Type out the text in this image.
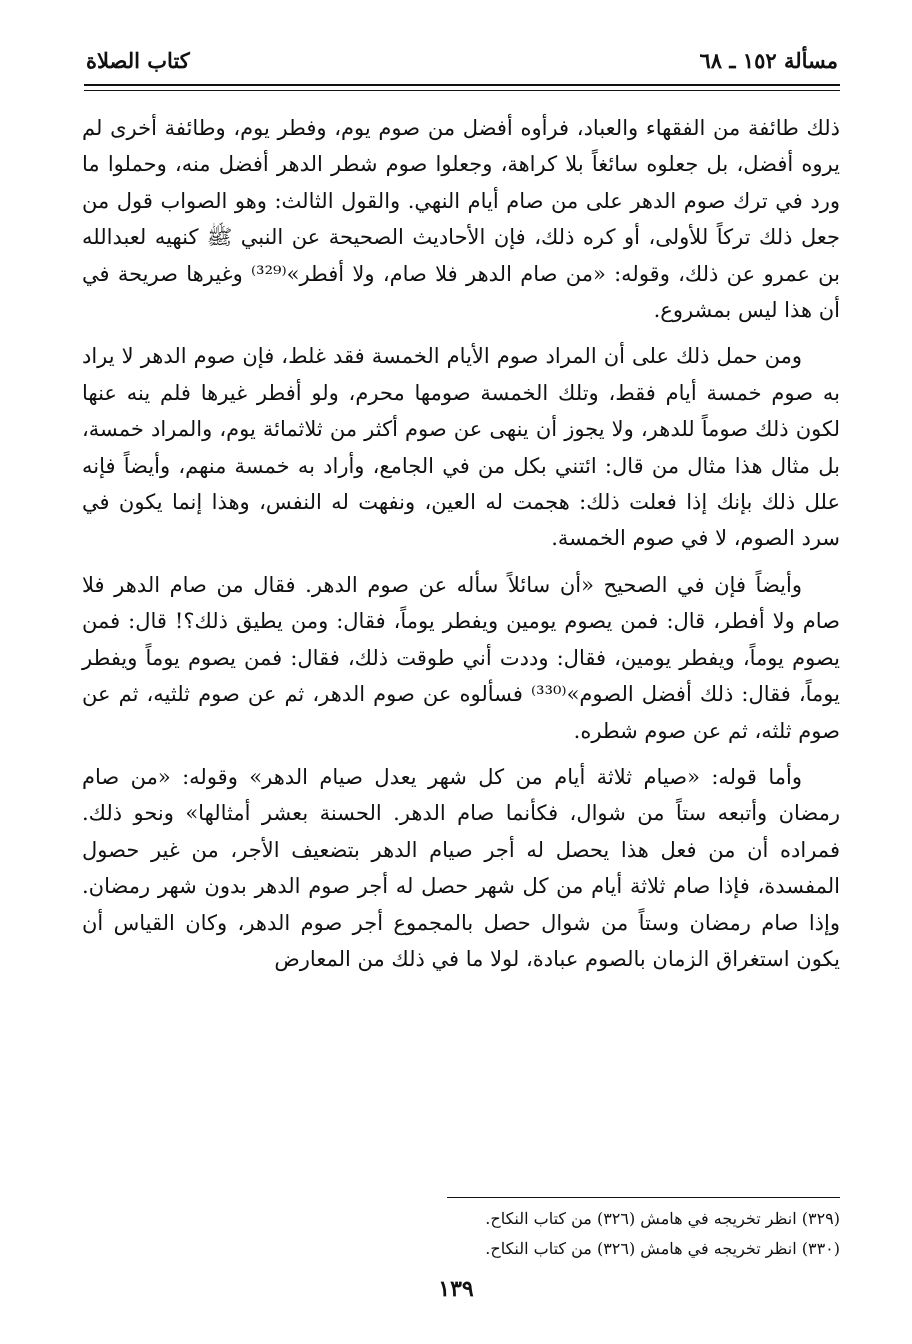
مسألة ١٥٢ ـ ٦٨
كتاب الصلاة

ذلك طائفة من الفقهاء والعباد، فرأوه أفضل من صوم يوم، وفطر يوم، وطائفة أخرى لم يروه أفضل، بل جعلوه سائغاً بلا كراهة، وجعلوا صوم شطر الدهر أفضل منه، وحملوا ما ورد في ترك صوم الدهر على من صام أيام النهي. والقول الثالث: وهو الصواب قول من جعل ذلك تركاً للأولى، أو كره ذلك، فإن الأحاديث الصحيحة عن النبي ﷺ كنهيه لعبدالله بن عمرو عن ذلك، وقوله: «من صام الدهر فلا صام، ولا أفطر»⁽³²⁹⁾ وغيرها صريحة في أن هذا ليس بمشروع.

ومن حمل ذلك على أن المراد صوم الأيام الخمسة فقد غلط، فإن صوم الدهر لا يراد به صوم خمسة أيام فقط، وتلك الخمسة صومها محرم، ولو أفطر غيرها فلم ينه عنها لكون ذلك صوماً للدهر، ولا يجوز أن ينهى عن صوم أكثر من ثلاثمائة يوم، والمراد خمسة، بل مثال هذا مثال من قال: ائتني بكل من في الجامع، وأراد به خمسة منهم، وأيضاً فإنه علل ذلك بإنك إذا فعلت ذلك: هجمت له العين، ونفهت له النفس، وهذا إنما يكون في سرد الصوم، لا في صوم الخمسة.

وأيضاً فإن في الصحيح «أن سائلاً سأله عن صوم الدهر. فقال من صام الدهر فلا صام ولا أفطر، قال: فمن يصوم يومين ويفطر يوماً، فقال: ومن يطيق ذلك؟! قال: فمن يصوم يوماً، ويفطر يومين، فقال: وددت أني طوقت ذلك، فقال: فمن يصوم يوماً ويفطر يوماً، فقال: ذلك أفضل الصوم»⁽³³⁰⁾ فسألوه عن صوم الدهر، ثم عن صوم ثلثيه، ثم عن صوم ثلثه، ثم عن صوم شطره.

وأما قوله: «صيام ثلاثة أيام من كل شهر يعدل صيام الدهر» وقوله: «من صام رمضان وأتبعه ستاً من شوال، فكأنما صام الدهر. الحسنة بعشر أمثالها» ونحو ذلك. فمراده أن من فعل هذا يحصل له أجر صيام الدهر بتضعيف الأجر، من غير حصول المفسدة، فإذا صام ثلاثة أيام من كل شهر حصل له أجر صوم الدهر بدون شهر رمضان. وإذا صام رمضان وستاً من شوال حصل بالمجموع أجر صوم الدهر، وكان القياس أن يكون استغراق الزمان بالصوم عبادة، لولا ما في ذلك من المعارض

(٣٢٩) انظر تخريجه في هامش (٣٢٦) من كتاب النكاح.
(٣٣٠) انظر تخريجه في هامش (٣٢٦) من كتاب النكاح.
١٣٩
